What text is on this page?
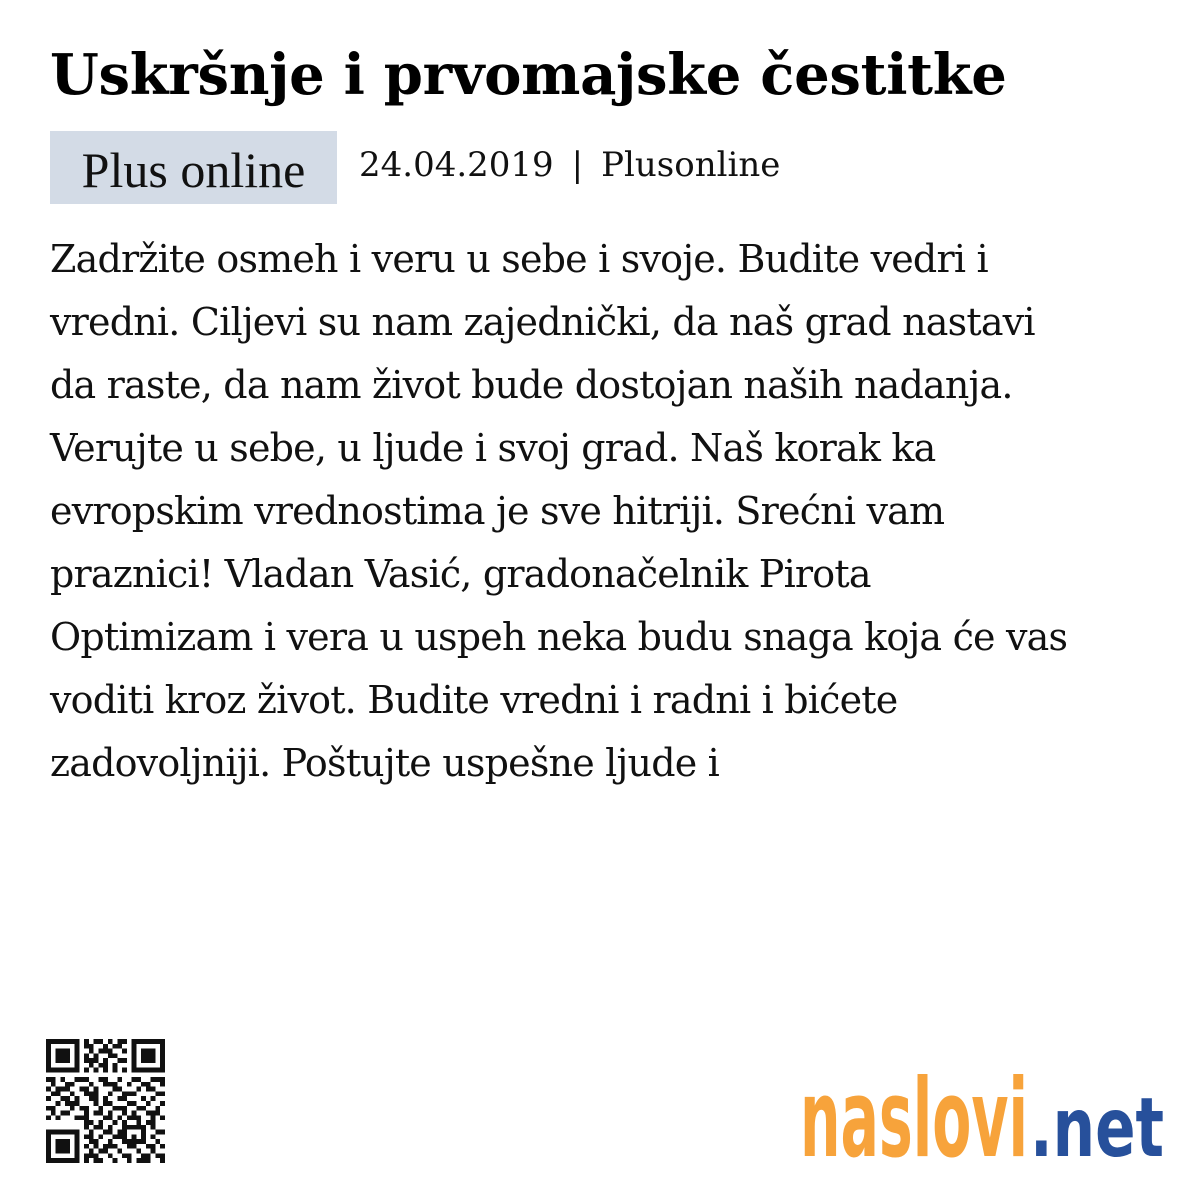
Uskršnje i prvomajske čestitke
Plus online	24.04.2019 | Plusonline
Zadržite osmeh i veru u sebe i svoje. Budite vedri i
vredni. Ciljevi su nam zajednički, da naš grad nastavi
da raste, da nam život bude dostojan naših nadanja.
Verujte u sebe, u ljude i svoj grad. Naš korak ka
evropskim vrednostima je sve hitriji. Srećni vam
praznici! Vladan Vasić, gradonačelnik Pirota
Optimizam i vera u uspeh neka budu snaga koja će vas
voditi kroz život. Budite vredni i radni i bićete
zadovoljniji. Poštujte uspešne ljude i
naslovi .net
